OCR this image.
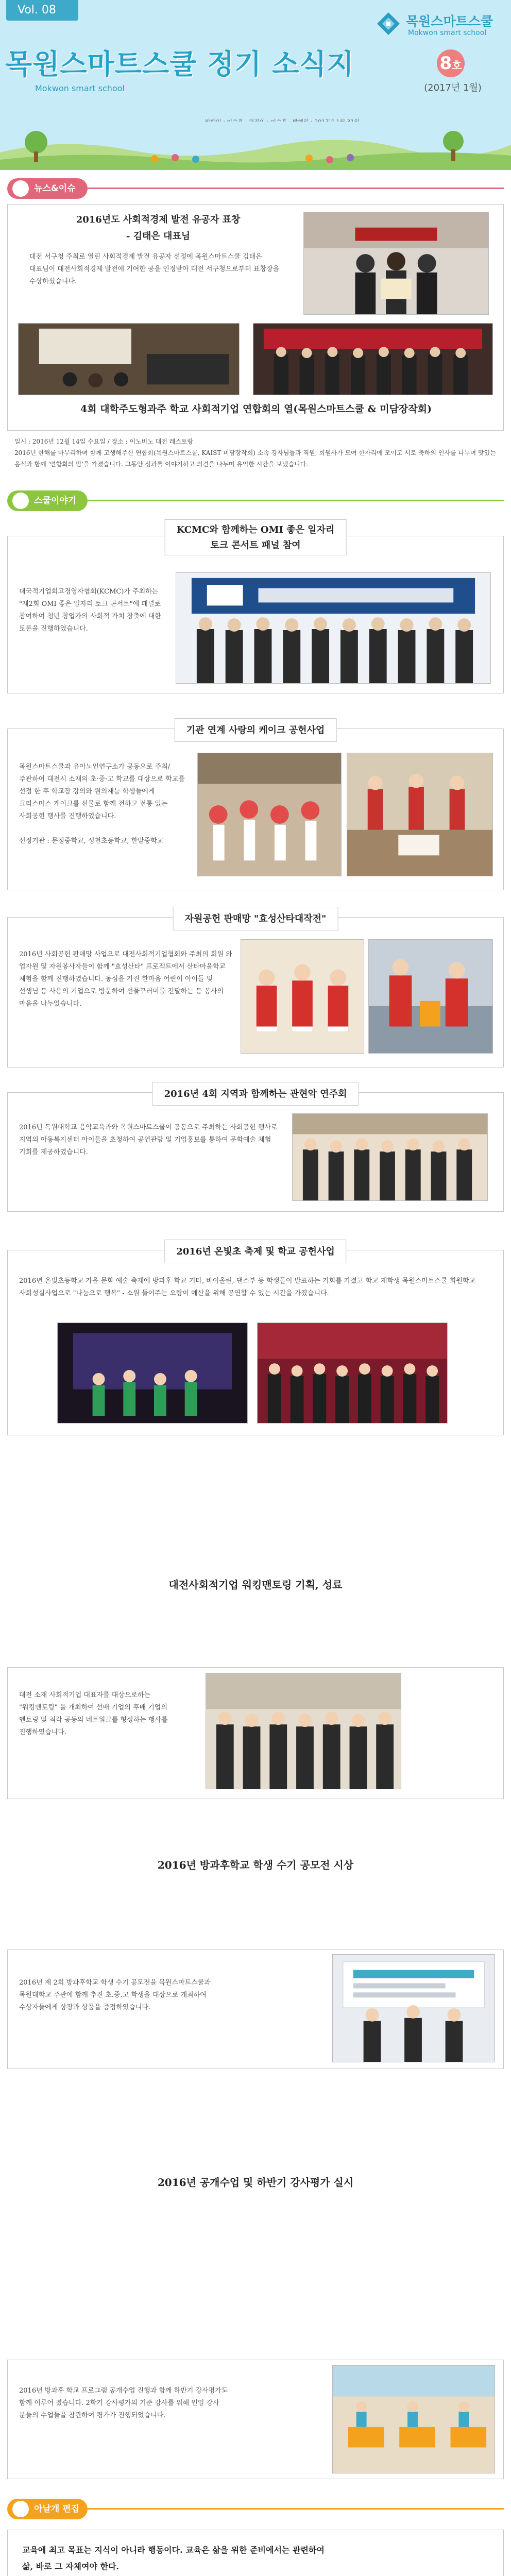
Vol. 08
목원스마트스쿨
Mokwon smart school
목원스마트스쿨 정기 소식지
Mokwon smart school
8호
(2017년 1월)
뉴스&이슈
2016년도 사회적경제 발전 유공자 표창
- 김태은 대표님
대전 서구청 주최로 열린 사회적경제 발전 유공자 선정에 목원스마트스쿨 김태은 대표님이 대전사회적경제 발전에 기여한 공을 인정받아 대전 서구청으로부터 표창장을 수상하셨습니다.
4회 대학주도형과주 학교 사회적기업 연합회의 열(목원스마트스쿨 & 미담장작회)
일시 : 2016년 12월 14일 수요일 / 장소 : 이노비노 대전 레스토랑
2016년 한해를 마무리하며 함께 고생해주신 연합회(목원스마트스쿨, KAIST 미담장작회) 소속 강사님들과 직원, 회원사가 모여 한자리에 모이고 서로 축하의 인사를 나누며 맛있는 음식과 함께 '연합회의 밤'을 가졌습니다. 그동안 성과를 이야기하고 의견을 나누며 유익한 시간을 보냈습니다.
스쿨이야기
대국적기업회고경영자협회(KCMC)가 주최하는 "제2회 OMI 좋은 일자리 토크 콘서트"에 패널로 참여하여 청년 창업가의 사회적 가치 창출에 대한 토론을 진행하였습니다.
KCMC와 함께하는 OMI 좋은 일자리
토크 콘서트 패널 참여
목원스마트스쿨과 유아노인연구소가 공동으로 주최/주관하여 대전시 소재의 초·중·고 학교를 대상으로 학교를 선정 한 후 학교장 강의와 원의재능 학생들에게 크리스마스 케이크를 선물로 함께 전하고 전통 있는 사회공헌 행사를 진행하였습니다.

선정기관 : 문정중학교, 성천초등학교, 한밭중학교
기관 연계 사랑의 케이크 공헌사업
2016년 사회공헌 판매망 사업으로 대전사회적기업협회와 주최의 회원 와 업자원 및 자원봉사자들이 함께 "효성산타" 프로젝트에서 산타마을학교 체험을 함께 진행하였습니다. 동심을 가진 한마음 어린이 아이들 및 선생님 등 사용의 기업으로 방문하여 선물꾸러미를 전달하는 등 봉사의 마음을 나누었습니다.
자원공헌 판매망 "효성산타대작전"
2016년 독원대학교 음악교육과와 목원스마트스쿨이 공동으로 주최하는 사회공헌 행사로 지역의 아동복지센터 아이들을 초청하여 공연관람 및 기업홍보를 통하여 문화예술 체험 기회를 제공하였습니다.
2016년 4회 지역과 함께하는 관현악 연주회
2016년 온빛초등학교 가을 문화 예술 축제에 방과후 학교 기타, 바이올린, 댄스부 등 학생들이 발표하는 기회를 가졌고 학교 재학생 목원스마트스쿨 회원학교 사회성실사업으로 "나눔으로 행복" - 소원 들어주는 오랑이 예산을 위해 공연할 수 있는 시간을 가졌습니다.
2016년 온빛초 축제 및 학교 공헌사업
대전 소재 사회적기업 대표자를 대상으로하는 "워킹맨토링" 을 개최하여 선배 기업의 후배 기업의 멘토링 및 최각 공동의 네트워크를 형성하는 행사를 진행하였습니다.
대전사회적기업 워킹맨토링 기획, 성료
2016년 제 2회 방과후학교 학생 수기 공모전을 목원스마트스쿨과 목원대학교 주관에 함께 추진 초.중.고 학생을 대상으로 개최하여 수상자들에게 상장과 상품을 증정하였습니다.
2016년 방과후학교 학생 수기 공모전 시상
2016년 방과후 학교 프로그램 공개수업 진행과 함께 하반기 강사평가도 함께 이루어 졌습니다. 2학기 강사평가의 기준 강사를 위해 인일 강사 분들의 수업들을 참관하여 평가가 진행되었습니다.
2016년 공개수업 및 하반기 강사평가 실시
아날개 편집
교육에 최고 목표는 지식이 아니라 행동이다. 교육은 삶을 위한 준비에서는 관련하여
삶, 바로 그 자체여야 한다.
